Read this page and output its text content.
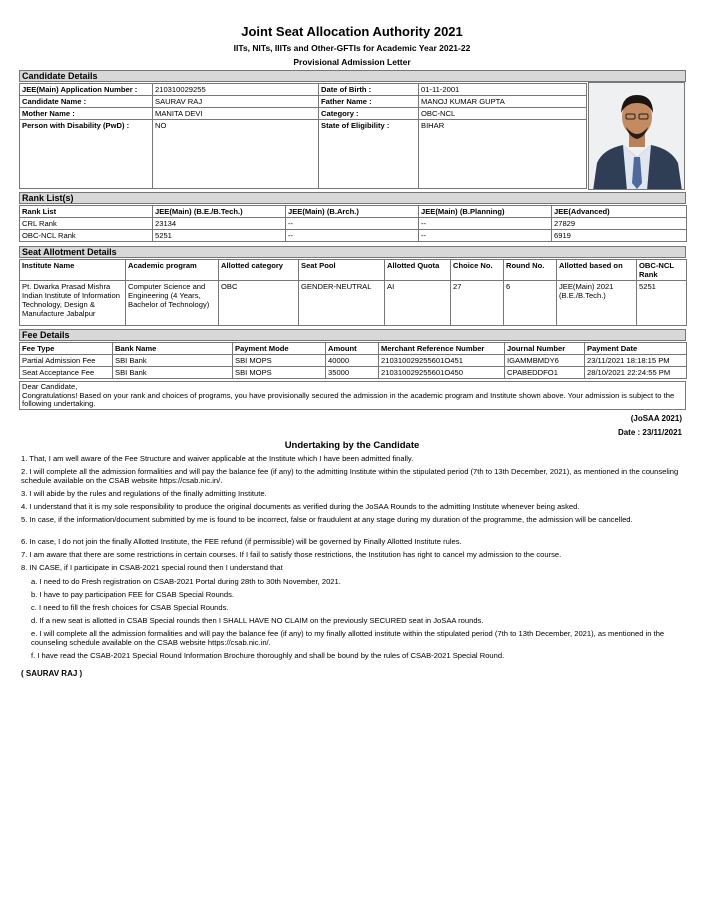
Joint Seat Allocation Authority 2021
IITs, NITs, IIITs and Other-GFTIs for Academic Year 2021-22
Provisional Admission Letter
Candidate Details
JEE(Main) Application Number :	210310029255	Date of Birth :	01-11-2001
Candidate Name :	SAURAV RAJ	Father Name :	MANOJ KUMAR GUPTA
Mother Name :	MANITA DEVI	Category :	OBC-NCL
Person with Disability (PwD) :	NO	State of Eligibility :	BIHAR
Rank List(s)
Rank List	JEE(Main) (B.E./B.Tech.)	JEE(Main) (B.Arch.)	JEE(Main) (B.Planning)	JEE(Advanced)
CRL Rank	23134	--	--	27829
OBC-NCL Rank	5251	--	--	6919
Seat Allotment Details
Institute Name	Academic program	Allotted category	Seat Pool	Allotted Quota	Choice No.	Round No.	Allotted based on	OBC-NCL Rank
Pt. Dwarka Prasad Mishra Indian Institute of Information Technology, Design & Manufacture Jabalpur	Computer Science and Engineering (4 Years, Bachelor of Technology)	OBC	GENDER-NEUTRAL	AI	27	6	JEE(Main) 2021 (B.E./B.Tech.)	5251
Fee Details
Fee Type	Bank Name	Payment Mode	Amount	Merchant Reference Number	Journal Number	Payment Date
Partial Admission Fee	SBI Bank	SBI MOPS	40000	210310029255601O451	IGAMMBMDY6	23/11/2021 18:18:15 PM
Seat Acceptance Fee	SBI Bank	SBI MOPS	35000	210310029255601O450	CPABEDDFO1	28/10/2021 22:24:55 PM
Dear Candidate,
Congratulations! Based on your rank and choices of programs, you have provisionally secured the admission in the academic program and Institute shown above. Your admission is subject to the following undertaking.
(JoSAA 2021)
Date : 23/11/2021
Undertaking by the Candidate
1. That, I am well aware of the Fee Structure and waiver applicable at the Institute which I have been admitted finally.
2. I will complete all the admission formalities and will pay the balance fee (if any) to the admitting Institute within the stipulated period (7th to 13th December, 2021), as mentioned in the counseling schedule available on the CSAB website https://csab.nic.in/.
3. I will abide by the rules and regulations of the finally admitting Institute.
4. I understand that it is my sole responsibility to produce the original documents as verified during the JoSAA Rounds to the admitting Institute whenever being asked.
5. In case, if the information/document submitted by me is found to be incorrect, false or fraudulent at any stage during my duration of the programme, the admission will be cancelled.
6. In case, I do not join the finally Allotted Institute, the FEE refund (if permissible) will be governed by Finally Allotted Institute rules.
7. I am aware that there are some restrictions in certain courses. If I fail to satisfy those restrictions, the Institution has right to cancel my admission to the course.
8. IN CASE, if I participate in CSAB-2021 special round then I understand that
a. I need to do Fresh registration on CSAB-2021 Portal during 28th to 30th November, 2021.
b. I have to pay participation FEE for CSAB Special Rounds.
c. I need to fill the fresh choices for CSAB Special Rounds.
d. If a new seat is allotted in CSAB Special rounds then I SHALL HAVE NO CLAIM on the previously SECURED seat in JoSAA rounds.
e. I will complete all the admission formalities and will pay the balance fee (if any) to my finally allotted institute within the stipulated period (7th to 13th December, 2021), as mentioned in the counseling schedule available on the CSAB website https://csab.nic.in/.
f. I have read the CSAB-2021 Special Round Information Brochure thoroughly and shall be bound by the rules of CSAB-2021 Special Round.
( SAURAV RAJ )
